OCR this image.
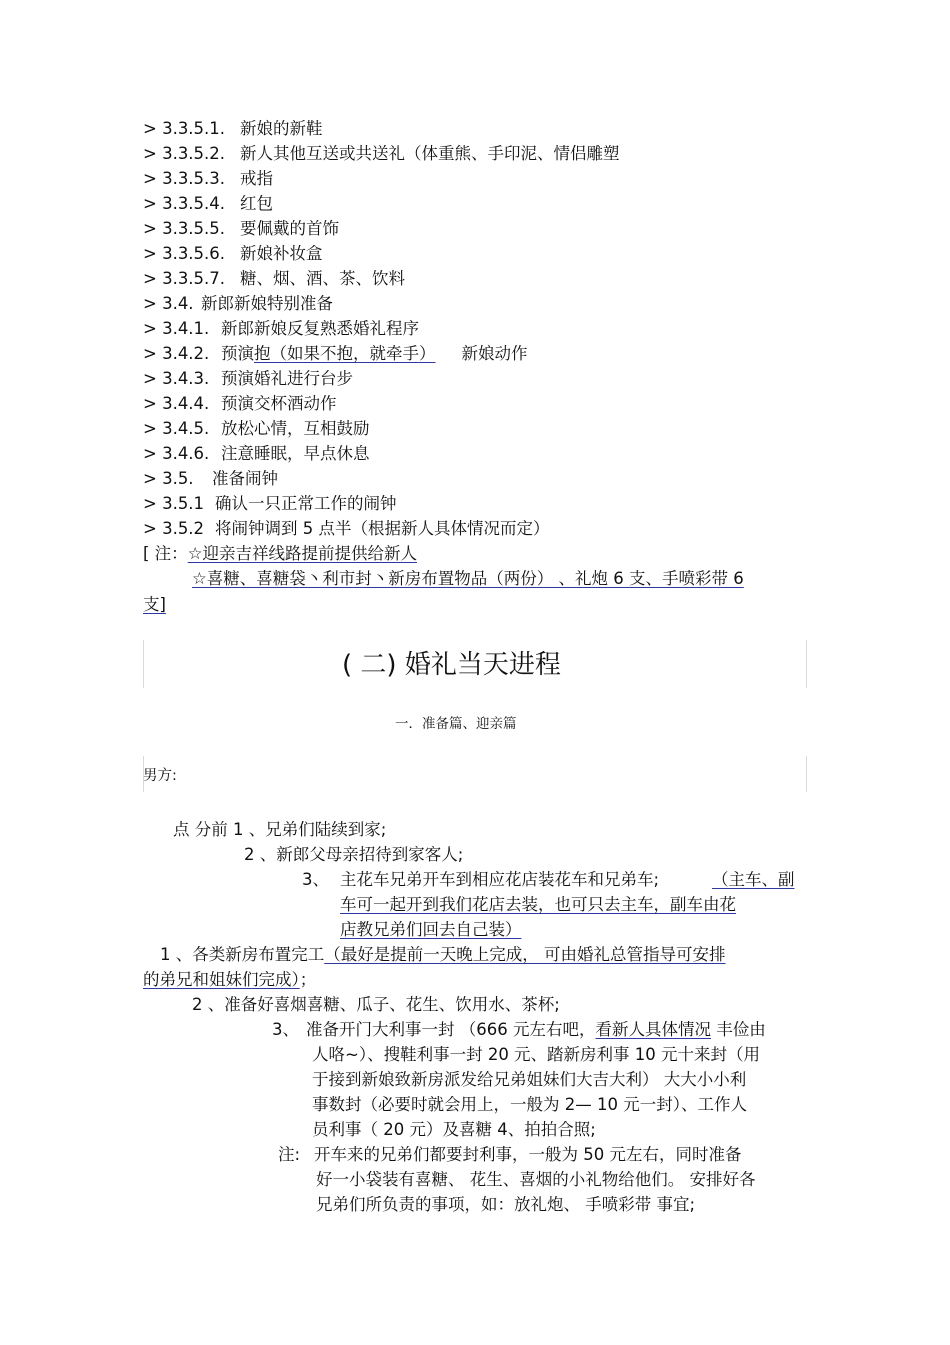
> 3.3.5.1. 新娘的新鞋
> 3.3.5.2. 新人其他互送或共送礼（体重熊、手印泥、情侣雕塑
> 3.3.5.3. 戒指
> 3.3.5.4. 红包
> 3.3.5.5. 要佩戴的首饰
> 3.3.5.6. 新娘补妆盒
> 3.3.5.7. 糖、烟、酒、茶、饮料
> 3.4. 新郎新娘特别准备
> 3.4.1. 新郎新娘反复熟悉婚礼程序
> 3.4.2. 预演抱（如果不抱，就牵手） 新娘动作
> 3.4.3. 预演婚礼进行台步
> 3.4.4. 预演交杯酒动作
> 3.4.5. 放松心情，互相鼓励
> 3.4.6. 注意睡眠，早点休息
> 3.5. 准备闹钟
> 3.5.1 确认一只正常工作的闹钟
> 3.5.2 将闹钟调到 5 点半（根据新人具体情况而定）
[ 注：☆迎亲吉祥线路提前提供给新人
☆喜糖、喜糖袋丶利市封丶新房布置物品（两份） 、礼炮 6 支、手喷彩带 6
支]
( 二) 婚礼当天进程
一．准备篇、迎亲篇
男方:
点 分前 1 、兄弟们陆续到家;
2 、新郎父母亲招待到家客人;
3、 主花车兄弟开车到相应花店装花车和兄弟车;	（主车、副
车可一起开到我们花店去装，也可只去主车，副车由花
店教兄弟们回去自己装）
1 、各类新房布置完工（最好是提前一天晚上完成， 可由婚礼总管指导可安排
的弟兄和姐妹们完成）；
2 、准备好喜烟喜糖、瓜子、花生、饮用水、茶杯;
3、 准备开门大利事一封 （666 元左右吧，看新人具体情况 丰俭由
人咯~）、搜鞋利事一封 20 元、踏新房利事 10 元十来封（用
于接到新娘致新房派发给兄弟姐妹们大吉大利） 大大小小利
事数封（必要时就会用上，一般为 2— 10 元一封）、工作人
员利事（ 20 元）及喜糖 4、拍拍合照;
注: 开车来的兄弟们都要封利事，一般为 50 元左右，同时准备
好一小袋装有喜糖、 花生、喜烟的小礼物给他们。 安排好各
兄弟们所负责的事项，如：放礼炮、 手喷彩带 事宜;
